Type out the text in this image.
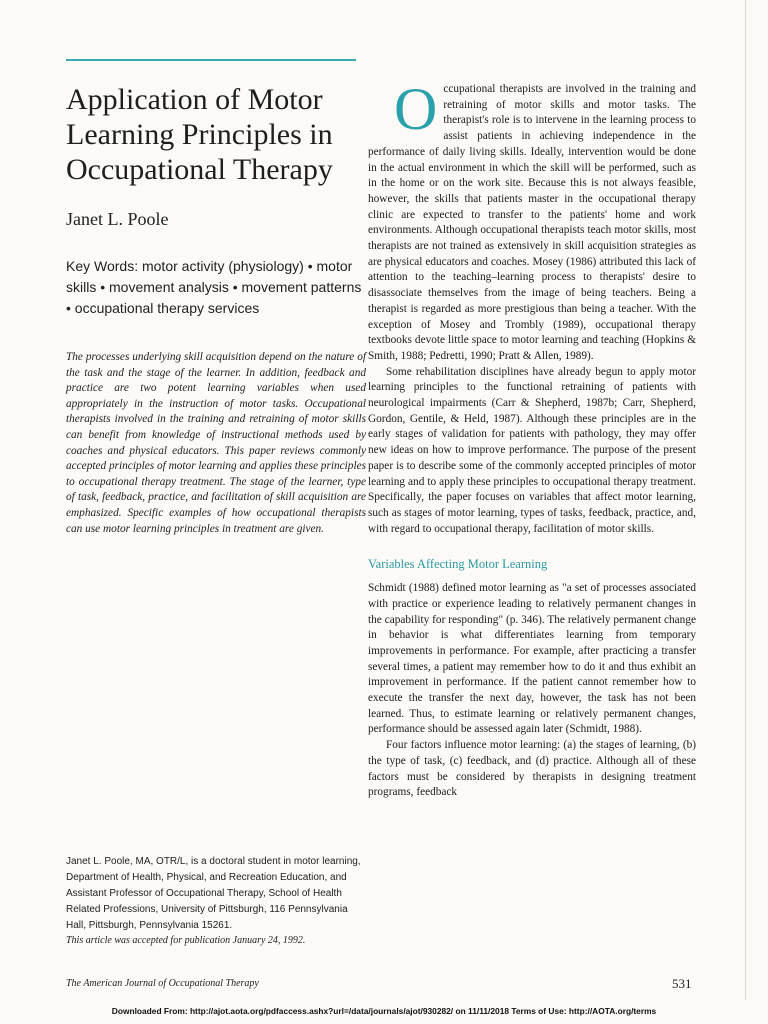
Application of Motor Learning Principles in Occupational Therapy
Janet L. Poole
Key Words: motor activity (physiology) • motor skills • movement analysis • movement patterns • occupational therapy services
The processes underlying skill acquisition depend on the nature of the task and the stage of the learner. In addition, feedback and practice are two potent learning variables when used appropriately in the instruction of motor tasks. Occupational therapists involved in the training and retraining of motor skills can benefit from knowledge of instructional methods used by coaches and physical educators. This paper reviews commonly accepted principles of motor learning and applies these principles to occupational therapy treatment. The stage of the learner, type of task, feedback, practice, and facilitation of skill acquisition are emphasized. Specific examples of how occupational therapists can use motor learning principles in treatment are given.
Janet L. Poole, MA, OTR/L, is a doctoral student in motor learning, Department of Health, Physical, and Recreation Education, and Assistant Professor of Occupational Therapy, School of Health Related Professions, University of Pittsburgh, 116 Pennsylvania Hall, Pittsburgh, Pennsylvania 15261.
This article was accepted for publication January 24, 1992.

Occupational therapists are involved in the training and retraining of motor skills and motor tasks. The therapist's role is to intervene in the learning process to assist patients in achieving independence in the performance of daily living skills. Ideally, intervention would be done in the actual environment in which the skill will be performed, such as in the home or on the work site. Because this is not always feasible, however, the skills that patients master in the occupational therapy clinic are expected to transfer to the patients' home and work environments. Although occupational therapists teach motor skills, most therapists are not trained as extensively in skill acquisition strategies as are physical educators and coaches. Mosey (1986) attributed this lack of attention to the teaching–learning process to therapists' desire to disassociate themselves from the image of being teachers. Being a therapist is regarded as more prestigious than being a teacher. With the exception of Mosey and Trombly (1989), occupational therapy textbooks devote little space to motor learning and teaching (Hopkins & Smith, 1988; Pedretti, 1990; Pratt & Allen, 1989).

Some rehabilitation disciplines have already begun to apply motor learning principles to the functional retraining of patients with neurological impairments (Carr & Shepherd, 1987b; Carr, Shepherd, Gordon, Gentile, & Held, 1987). Although these principles are in the early stages of validation for patients with pathology, they may offer new ideas on how to improve performance. The purpose of the present paper is to describe some of the commonly accepted principles of motor learning and to apply these principles to occupational therapy treatment. Specifically, the paper focuses on variables that affect motor learning, such as stages of motor learning, types of tasks, feedback, practice, and, with regard to occupational therapy, facilitation of motor skills.

Variables Affecting Motor Learning

Schmidt (1988) defined motor learning as "a set of processes associated with practice or experience leading to relatively permanent changes in the capability for responding" (p. 346). The relatively permanent change in behavior is what differentiates learning from temporary improvements in performance. For example, after practicing a transfer several times, a patient may remember how to do it and thus exhibit an improvement in performance. If the patient cannot remember how to execute the transfer the next day, however, the task has not been learned. Thus, to estimate learning or relatively permanent changes, performance should be assessed again later (Schmidt, 1988).

Four factors influence motor learning: (a) the stages of learning, (b) the type of task, (c) feedback, and (d) practice. Although all of these factors must be considered by therapists in designing treatment programs, feedback

The American Journal of Occupational Therapy	531
Downloaded From: http://ajot.aota.org/pdfaccess.ashx?url=/data/journals/ajot/930282/ on 11/11/2018 Terms of Use: http://AOTA.org/terms
